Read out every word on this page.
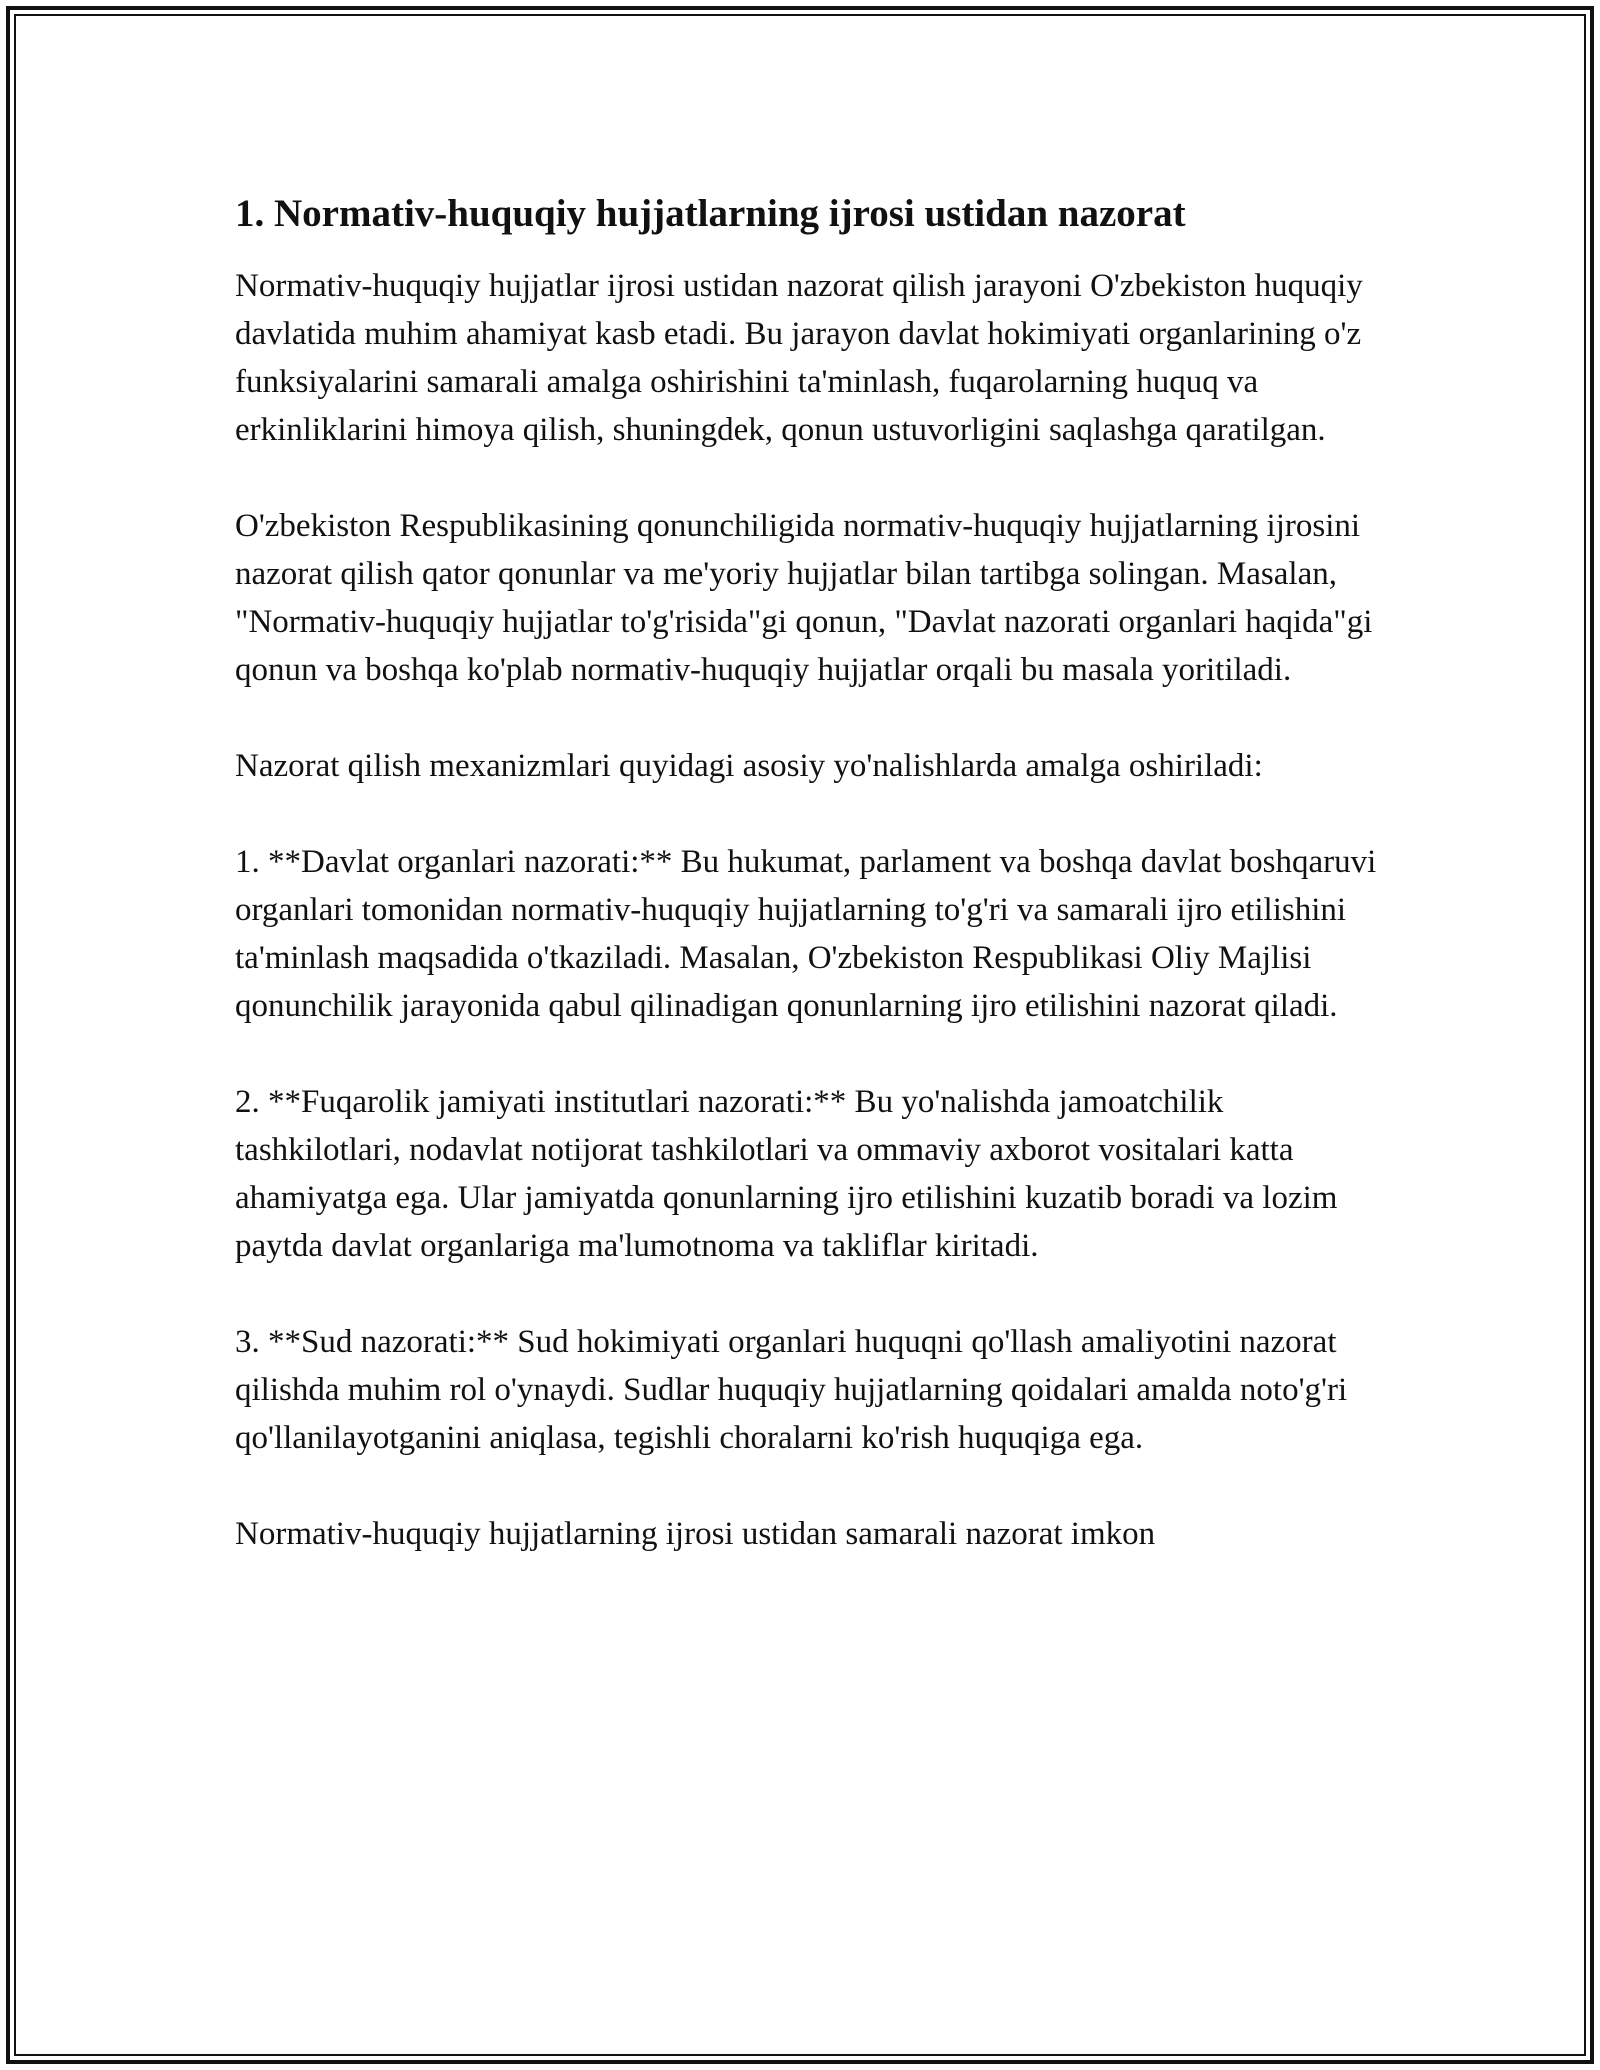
1. Normativ-huquqiy hujjatlarning ijrosi ustidan nazorat

Normativ-huquqiy hujjatlar ijrosi ustidan nazorat qilish jarayoni O'zbekiston huquqiy davlatida muhim ahamiyat kasb etadi. Bu jarayon davlat hokimiyati organlarining o'z funksiyalarini samarali amalga oshirishini ta'minlash, fuqarolarning huquq va erkinliklarini himoya qilish, shuningdek, qonun ustuvorligini saqlashga qaratilgan.

O'zbekiston Respublikasining qonunchiligida normativ-huquqiy hujjatlarning ijrosini nazorat qilish qator qonunlar va me'yoriy hujjatlar bilan tartibga solingan. Masalan, "Normativ-huquqiy hujjatlar to'g'risida"gi qonun, "Davlat nazorati organlari haqida"gi qonun va boshqa ko'plab normativ-huquqiy hujjatlar orqali bu masala yoritiladi.

Nazorat qilish mexanizmlari quyidagi asosiy yo'nalishlarda amalga oshiriladi:

1. **Davlat organlari nazorati:** Bu hukumat, parlament va boshqa davlat boshqaruvi organlari tomonidan normativ-huquqiy hujjatlarning to'g'ri va samarali ijro etilishini ta'minlash maqsadida o'tkaziladi. Masalan, O'zbekiston Respublikasi Oliy Majlisi qonunchilik jarayonida qabul qilinadigan qonunlarning ijro etilishini nazorat qiladi.

2. **Fuqarolik jamiyati institutlari nazorati:** Bu yo'nalishda jamoatchilik tashkilotlari, nodavlat notijorat tashkilotlari va ommaviy axborot vositalari katta ahamiyatga ega. Ular jamiyatda qonunlarning ijro etilishini kuzatib boradi va lozim paytda davlat organlariga ma'lumotnoma va takliflar kiritadi.

3. **Sud nazorati:** Sud hokimiyati organlari huquqni qo'llash amaliyotini nazorat qilishda muhim rol o'ynaydi. Sudlar huquqiy hujjatlarning qoidalari amalda noto'g'ri qo'llanilayotganini aniqlasa, tegishli choralarni ko'rish huquqiga ega.

Normativ-huquqiy hujjatlarning ijrosi ustidan samarali nazorat imkon
